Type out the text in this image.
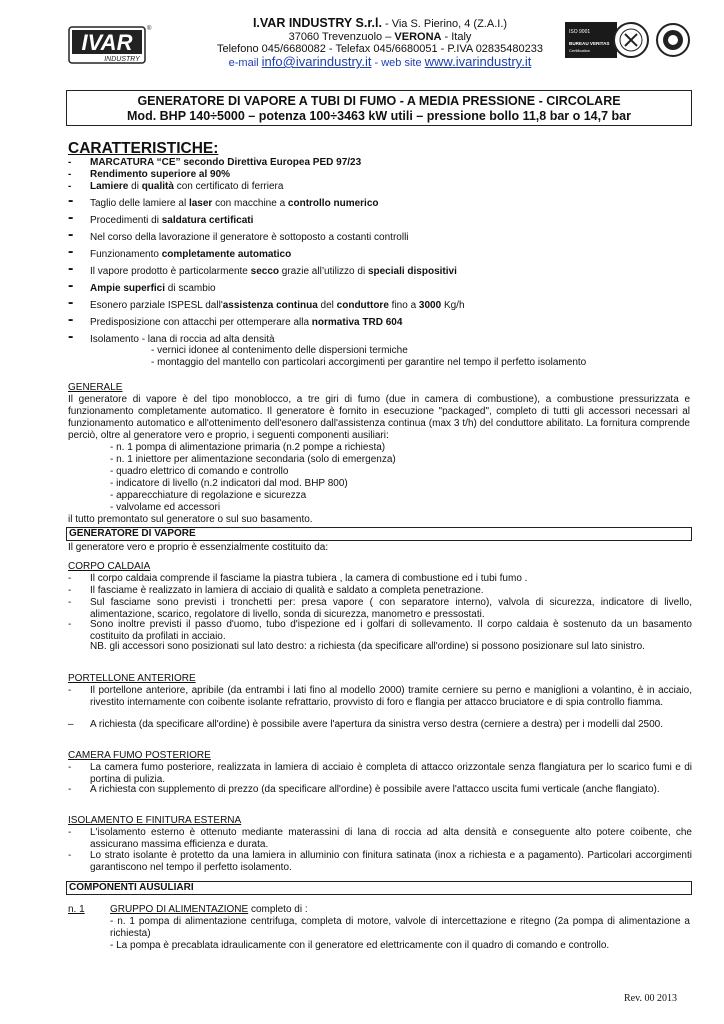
IVAR
INDUSTRY
®	I.VAR INDUSTRY S.r.l. - Via S. Pierino, 4 (Z.A.I.)
37060 Trevenzuolo – VERONA - Italy
Telefono 045/6680082 - Telefax 045/6680051 - P.IVA 02835480233
e-mail info@ivarindustry.it - web site www.ivarindustry.it
ISO 9001
BUREAU VERITAS
Certification
GENERATORE DI VAPORE A TUBI DI FUMO - A MEDIA PRESSIONE - CIRCOLARE
Mod. BHP 140÷5000 – potenza 100÷3463 kW utili – pressione bollo 11,8 bar o 14,7 bar
CARATTERISTICHE:
- MARCATURA “CE” secondo Direttiva Europea PED 97/23
- Rendimento superiore al 90%
- Lamiere di qualità con certificato di ferriera
- Taglio delle lamiere al laser con macchine a controllo numerico
- Procedimenti di saldatura certificati
- Nel corso della lavorazione il generatore è sottoposto a costanti controlli
- Funzionamento completamente automatico
- Il vapore prodotto è particolarmente secco grazie all’utilizzo di speciali dispositivi
- Ampie superfici di scambio
- Esonero parziale ISPESL dall'assistenza continua del conduttore fino a 3000 Kg/h
- Predisposizione con attacchi per ottemperare alla normativa TRD 604
- Isolamento - lana di roccia ad alta densità
- vernici idonee al contenimento delle dispersioni termiche
- montaggio del mantello con particolari accorgimenti per garantire nel tempo il perfetto isolamento
GENERALE
Il generatore di vapore è del tipo monoblocco, a tre giri di fumo (due in camera di combustione), a combustione pressurizzata e funzionamento completamente automatico. Il generatore è fornito in esecuzione "packaged", completo di tutti gli accessori necessari al funzionamento automatico e all'ottenimento dell'esonero dall'assistenza continua (max 3 t/h) del conduttore abilitato. La fornitura comprende perciò, oltre al generatore vero e proprio, i seguenti componenti ausiliari:
- n. 1 pompa di alimentazione primaria (n.2 pompe a richiesta)
- n. 1 iniettore per alimentazione secondaria (solo di emergenza)
- quadro elettrico di comando e controllo
- indicatore di livello (n.2 indicatori dal mod. BHP 800)
- apparecchiature di regolazione e sicurezza
- valvolame ed accessori
il tutto premontato sul generatore o sul suo basamento.
GENERATORE DI VAPORE
Il generatore vero e proprio è essenzialmente costituito da:
CORPO CALDAIA
- Il corpo caldaia comprende il fasciame la piastra tubiera , la camera di combustione ed i tubi fumo .
- Il fasciame è realizzato in lamiera di acciaio di qualità e saldato a completa penetrazione.
- Sul fasciame sono previsti i tronchetti per: presa vapore ( con separatore interno), valvola di sicurezza, indicatore di livello, alimentazione, scarico, regolatore di livello, sonda di sicurezza, manometro e pressostati.
- Sono inoltre previsti il passo d'uomo, tubo d'ispezione ed i golfari di sollevamento. Il corpo caldaia è sostenuto da un basamento costituito da profilati in acciaio.
NB. gli accessori sono posizionati sul lato destro: a richiesta (da specificare all'ordine) si possono posizionare sul lato sinistro.
PORTELLONE ANTERIORE
- Il portellone anteriore, apribile (da entrambi i lati fino al modello 2000) tramite cerniere su perno e maniglioni a volantino, è in acciaio, rivestito internamente con coibente isolante refrattario, provvisto di foro e flangia per attacco bruciatore e di spia controllo fiamma.
– A richiesta (da specificare all'ordine) è possibile avere l'apertura da sinistra verso destra (cerniere a destra) per i modelli dal 2500.
CAMERA FUMO POSTERIORE
- La camera fumo posteriore, realizzata in lamiera di acciaio è completa di attacco orizzontale senza flangiatura per lo scarico fumi e di portina di pulizia.
- A richiesta con supplemento di prezzo (da specificare all'ordine) è possibile avere l'attacco uscita fumi verticale (anche flangiato).
ISOLAMENTO E FINITURA ESTERNA
- L'isolamento esterno è ottenuto mediante materassini di lana di roccia ad alta densità e conseguente alto potere coibente, che assicurano massima efficienza e durata.
- Lo strato isolante è protetto da una lamiera in alluminio con finitura satinata (inox a richiesta e a pagamento). Particolari accorgimenti garantiscono nel tempo il perfetto isolamento.
COMPONENTI AUSULIARI
n. 1	GRUPPO DI ALIMENTAZIONE completo di :
- n. 1 pompa di alimentazione centrifuga, completa di motore, valvole di intercettazione e ritegno (2a pompa di alimentazione a richiesta)
- La pompa è precablata idraulicamente con il generatore ed elettricamente con il quadro di comando e controllo.
Rev. 00 2013
